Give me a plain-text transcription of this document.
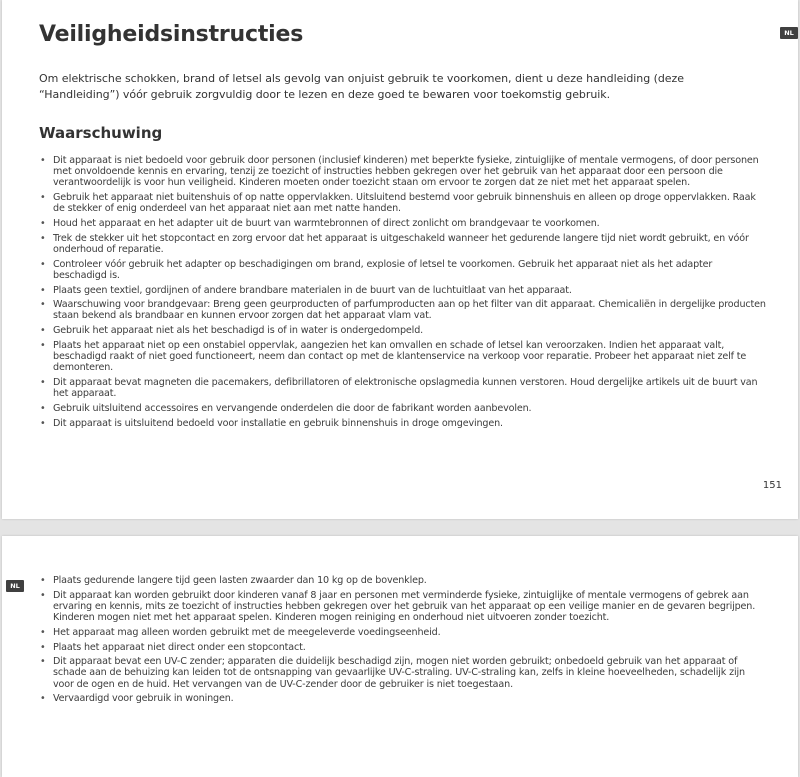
NL
Veiligheidsinstructies

Om elektrische schokken, brand of letsel als gevolg van onjuist gebruik te voorkomen, dient u deze handleiding (deze “Handleiding”) vóór gebruik zorgvuldig door te lezen en deze goed te bewaren voor toekomstig gebruik.

Waarschuwing
• Dit apparaat is niet bedoeld voor gebruik door personen (inclusief kinderen) met beperkte fysieke, zintuiglijke of mentale vermogens, of door personen met onvoldoende kennis en ervaring, tenzij ze toezicht of instructies hebben gekregen over het gebruik van het apparaat door een persoon die verantwoordelijk is voor hun veiligheid. Kinderen moeten onder toezicht staan om ervoor te zorgen dat ze niet met het apparaat spelen.
• Gebruik het apparaat niet buitenshuis of op natte oppervlakken. Uitsluitend bestemd voor gebruik binnenshuis en alleen op droge oppervlakken. Raak de stekker of enig onderdeel van het apparaat niet aan met natte handen.
• Houd het apparaat en het adapter uit de buurt van warmtebronnen of direct zonlicht om brandgevaar te voorkomen.
• Trek de stekker uit het stopcontact en zorg ervoor dat het apparaat is uitgeschakeld wanneer het gedurende langere tijd niet wordt gebruikt, en vóór onderhoud of reparatie.
• Controleer vóór gebruik het adapter op beschadigingen om brand, explosie of letsel te voorkomen. Gebruik het apparaat niet als het adapter beschadigd is.
• Plaats geen textiel, gordijnen of andere brandbare materialen in de buurt van de luchtuitlaat van het apparaat.
• Waarschuwing voor brandgevaar: Breng geen geurproducten of parfumproducten aan op het filter van dit apparaat. Chemicaliën in dergelijke producten staan bekend als brandbaar en kunnen ervoor zorgen dat het apparaat vlam vat.
• Gebruik het apparaat niet als het beschadigd is of in water is ondergedompeld.
• Plaats het apparaat niet op een onstabiel oppervlak, aangezien het kan omvallen en schade of letsel kan veroorzaken. Indien het apparaat valt, beschadigd raakt of niet goed functioneert, neem dan contact op met de klantenservice na verkoop voor reparatie. Probeer het apparaat niet zelf te demonteren.
• Dit apparaat bevat magneten die pacemakers, defibrillatoren of elektronische opslagmedia kunnen verstoren. Houd dergelijke artikels uit de buurt van het apparaat.
• Gebruik uitsluitend accessoires en vervangende onderdelen die door de fabrikant worden aanbevolen.
• Dit apparaat is uitsluitend bedoeld voor installatie en gebruik binnenshuis in droge omgevingen.
151
NL
•	Plaats gedurende langere tijd geen lasten zwaarder dan 10 kg op de bovenklep.
• Dit apparaat kan worden gebruikt door kinderen vanaf 8 jaar en personen met verminderde fysieke, zintuiglijke of mentale vermogens of gebrek aan ervaring en kennis, mits ze toezicht of instructies hebben gekregen over het gebruik van het apparaat op een veilige manier en de gevaren begrijpen. Kinderen mogen niet met het apparaat spelen. Kinderen mogen reiniging en onderhoud niet uitvoeren zonder toezicht.
• Het apparaat mag alleen worden gebruikt met de meegeleverde voedingseenheid.
• Plaats het apparaat niet direct onder een stopcontact.
• Dit apparaat bevat een UV-C zender; apparaten die duidelijk beschadigd zijn, mogen niet worden gebruikt; onbedoeld gebruik van het apparaat of schade aan de behuizing kan leiden tot de ontsnapping van gevaarlijke UV-C-straling. UV-C-straling kan, zelfs in kleine hoeveelheden, schadelijk zijn voor de ogen en de huid. Het vervangen van de UV-C-zender door de gebruiker is niet toegestaan.
• Vervaardigd voor gebruik in woningen.
